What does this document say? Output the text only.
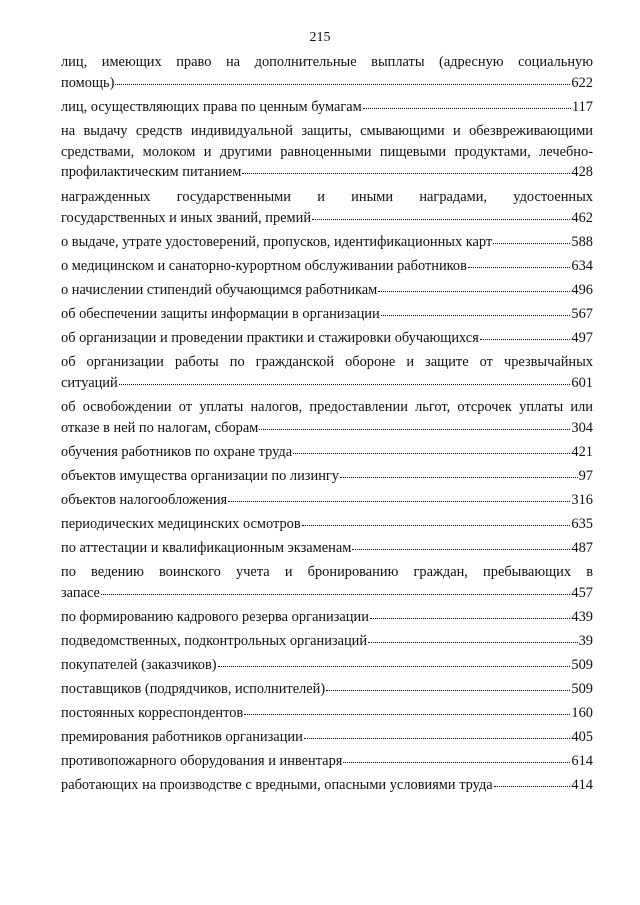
215
лиц, имеющих право на дополнительные выплаты (адресную социальную
помощь)	622
лиц, осуществляющих права по ценным бумагам	117
на выдачу средств индивидуальной защиты, смывающими и обезвреживающими
средствами, молоком и другими равноценными пищевыми продуктами, лечебно-
профилактическим питанием	428
награжденных государственными и иными наградами, удостоенных
государственных и иных званий, премий	462
о выдаче, утрате удостоверений, пропусков, идентификационных карт	588
о медицинском и санаторно-курортном обслуживании работников	634
о начислении стипендий обучающимся работникам	496
об обеспечении защиты информации в организации	567
об организации и проведении практики и стажировки обучающихся	497
об организации работы по гражданской обороне и защите от чрезвычайных
ситуаций	601
об освобождении от уплаты налогов, предоставлении льгот, отсрочек уплаты или
отказе в ней по налогам, сборам	304
обучения работников по охране труда	421
объектов имущества организации по лизингу	97
объектов налогообложения	316
периодических медицинских осмотров	635
по аттестации и квалификационным экзаменам	487
по ведению воинского учета и бронированию граждан, пребывающих в
запасе	457
по формированию кадрового резерва организации	439
подведомственных, подконтрольных организаций	39
покупателей (заказчиков)	509
поставщиков (подрядчиков, исполнителей)	509
постоянных корреспондентов	160
премирования работников организации	405
противопожарного оборудования и инвентаря	614
работающих на производстве с вредными, опасными условиями труда	414
